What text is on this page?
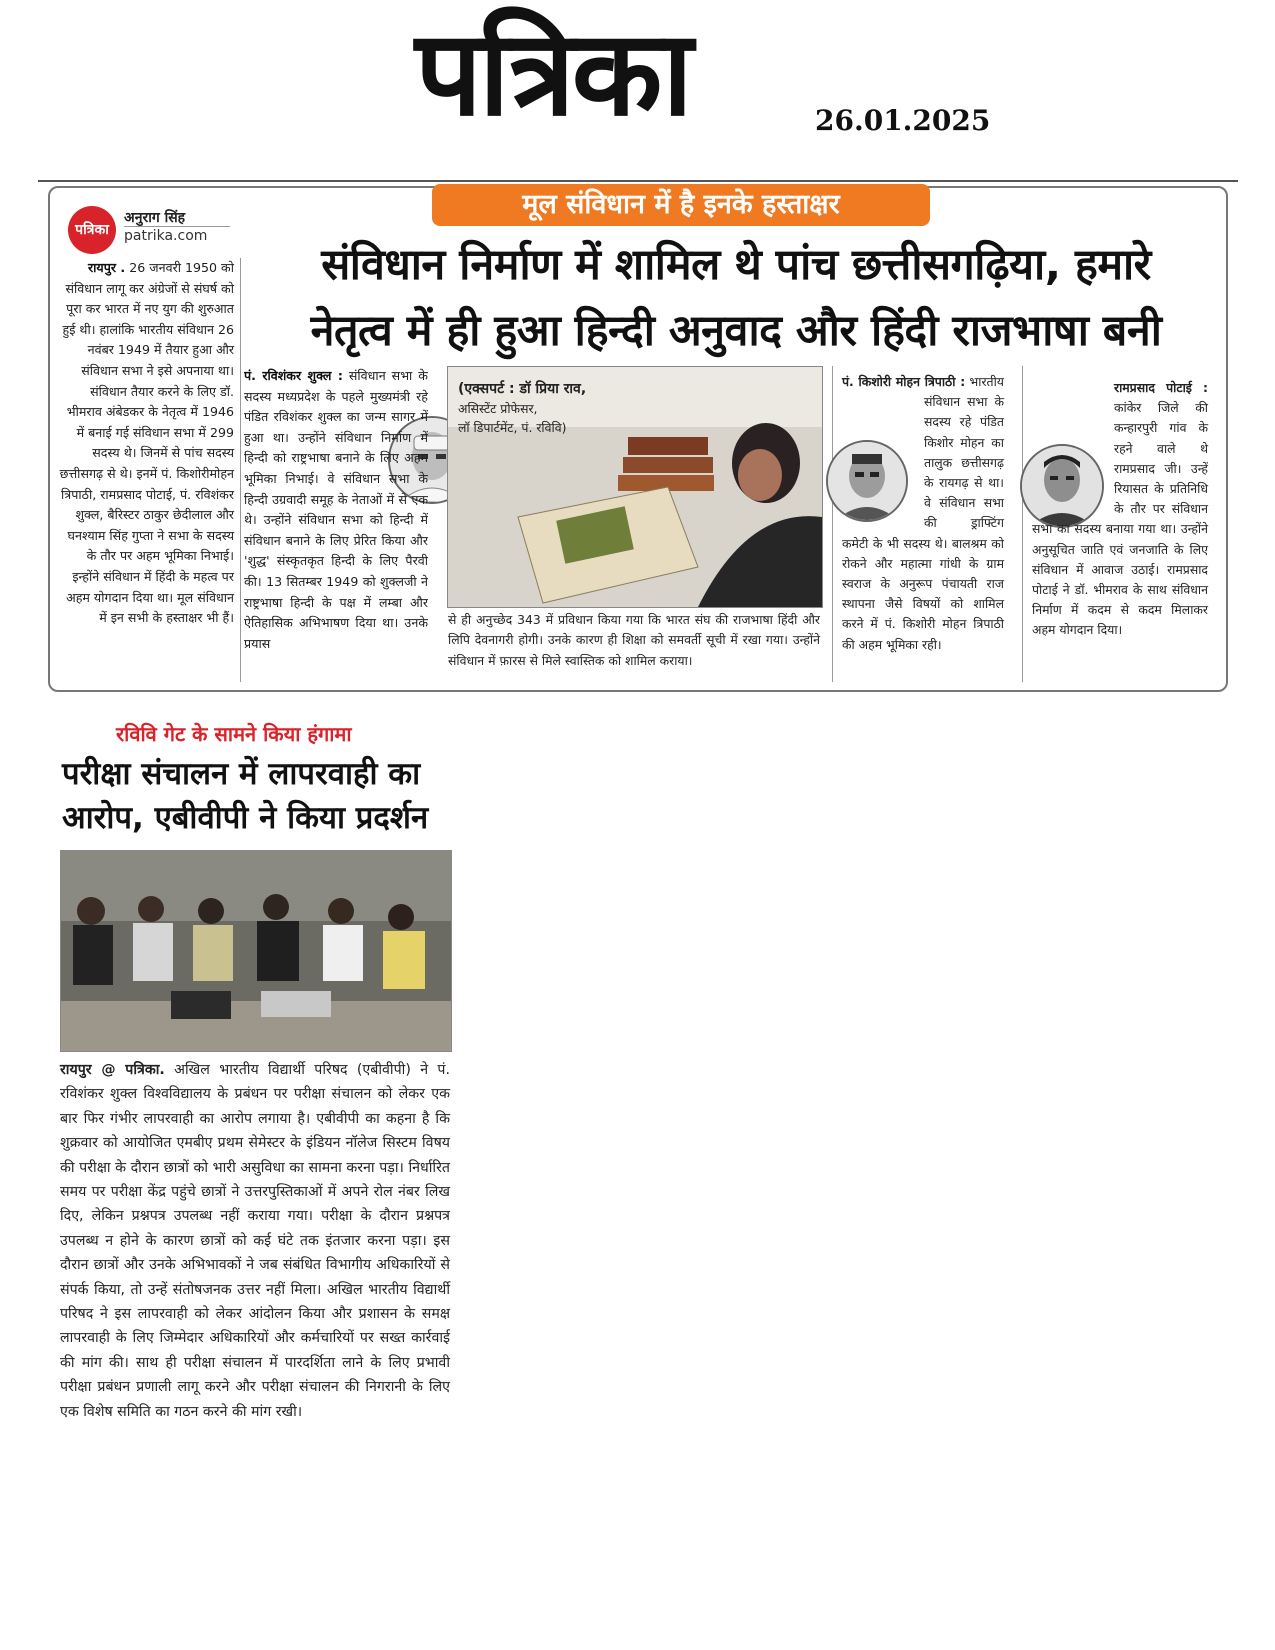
पत्रिका	26.01.2025
मूल संविधान में है इनके हस्ताक्षर
पत्रिका
अनुराग सिंह
patrika.com
संविधान निर्माण में शामिल थे पांच छत्तीसगढ़िया, हमारे
नेतृत्व में ही हुआ हिन्दी अनुवाद और हिंदी राजभाषा बनी
रायपुर . 26 जनवरी 1950 को संविधान लागू कर अंग्रेजों से संघर्ष को पूरा कर भारत में नए युग की शुरुआत हुई थी। हालांकि भारतीय संविधान 26 नवंबर 1949 में तैयार हुआ और संविधान सभा ने इसे अपनाया था। संविधान तैयार करने के लिए डॉ. भीमराव अंबेडकर के नेतृत्व में 1946 में बनाई गई संविधान सभा में 299 सदस्य थे। जिनमें से पांच सदस्य छत्तीसगढ़ से थे। इनमें पं. किशोरीमोहन त्रिपाठी, रामप्रसाद पोटाई, पं. रविशंकर शुक्ल, बैरिस्टर ठाकुर छेदीलाल और घनश्याम सिंह गुप्ता ने सभा के सदस्य के तौर पर अहम भूमिका निभाई। इन्होंने संविधान में हिंदी के महत्व पर अहम योगदान दिया था। मूल संविधान में इन सभी के हस्ताक्षर भी हैं।
पं. रविशंकर शुक्ल : संविधान सभा के सदस्य मध्यप्रदेश के पहले मुख्यमंत्री रहे पंडित रविशंकर शुक्ल का जन्म सागर में हुआ था। उन्होंने संविधान निर्माण में हिन्दी को राष्ट्रभाषा बनाने के लिए अहम भूमिका निभाई। वे संविधान सभा के हिन्दी उग्रवादी समूह के नेताओं में से एक थे। उन्होंने संविधान सभा को हिन्दी में संविधान बनाने के लिए प्रेरित किया और 'शुद्ध' संस्कृतकृत हिन्दी के लिए पैरवी की। 13 सितम्बर 1949 को शुक्लजी ने राष्ट्रभाषा हिन्दी के पक्ष में लम्बा और ऐतिहासिक अभिभाषण दिया था। उनके प्रयास
(एक्सपर्ट : डॉ प्रिया राव,
असिस्टेंट प्रोफेसर,
लॉ डिपार्टमेंट, पं. रविवि)
से ही अनुच्छेद 343 में प्रविधान किया गया कि भारत संघ की राजभाषा हिंदी और लिपि देवनागरी होगी। उनके कारण ही शिक्षा को समवर्ती सूची में रखा गया। उन्होंने संविधान में फ़ारस से मिले स्वास्तिक को शामिल कराया।
पं. किशोरी मोहन त्रिपाठी : भारतीय संविधान सभा के सदस्य रहे पंडित किशोर मोहन का तालुक छत्तीसगढ़ के रायगढ़ से था। वे संविधान सभा की ड्राफ्टिंग कमेटी के भी सदस्य थे। बालश्रम को रोकने और महात्मा गांधी के ग्राम स्वराज के अनुरूप पंचायती राज स्थापना जैसे विषयों को शामिल करने में पं. किशोरी मोहन त्रिपाठी की अहम भूमिका रही।
रामप्रसाद पोटाई :
कांकेर जिले की कन्हारपुरी गांव के रहने वाले थे रामप्रसाद जी। उन्हें रियासत के प्रतिनिधि के तौर पर संविधान सभा का सदस्य बनाया गया था। उन्होंने अनुसूचित जाति एवं जनजाति के लिए संविधान में आवाज उठाई। रामप्रसाद पोटाई ने डॉ. भीमराव के साथ संविधान निर्माण में कदम से कदम मिलाकर अहम योगदान दिया।
रविवि गेट के सामने किया हंगामा
परीक्षा संचालन में लापरवाही का
आरोप, एबीवीपी ने किया प्रदर्शन
रायपुर @ पत्रिका. अखिल भारतीय विद्यार्थी परिषद (एबीवीपी) ने पं. रविशंकर शुक्ल विश्वविद्यालय के प्रबंधन पर परीक्षा संचालन को लेकर एक बार फिर गंभीर लापरवाही का आरोप लगाया है। एबीवीपी का कहना है कि शुक्रवार को आयोजित एमबीए प्रथम सेमेस्टर के इंडियन नॉलेज सिस्टम विषय की परीक्षा के दौरान छात्रों को भारी असुविधा का सामना करना पड़ा। निर्धारित समय पर परीक्षा केंद्र पहुंचे छात्रों ने उत्तरपुस्तिकाओं में अपने रोल नंबर लिख दिए, लेकिन प्रश्नपत्र उपलब्ध नहीं कराया गया। परीक्षा के दौरान प्रश्नपत्र उपलब्ध न होने के कारण छात्रों को कई घंटे तक इंतजार करना पड़ा। इस दौरान छात्रों और उनके अभिभावकों ने जब संबंधित विभागीय अधिकारियों से संपर्क किया, तो उन्हें संतोषजनक उत्तर नहीं मिला। अखिल भारतीय विद्यार्थी परिषद ने इस लापरवाही को लेकर आंदोलन किया और प्रशासन के समक्ष लापरवाही के लिए जिम्मेदार अधिकारियों और कर्मचारियों पर सख्त कार्रवाई की मांग की। साथ ही परीक्षा संचालन में पारदर्शिता लाने के लिए प्रभावी परीक्षा प्रबंधन प्रणाली लागू करने और परीक्षा संचालन की निगरानी के लिए एक विशेष समिति का गठन करने की मांग रखी।
